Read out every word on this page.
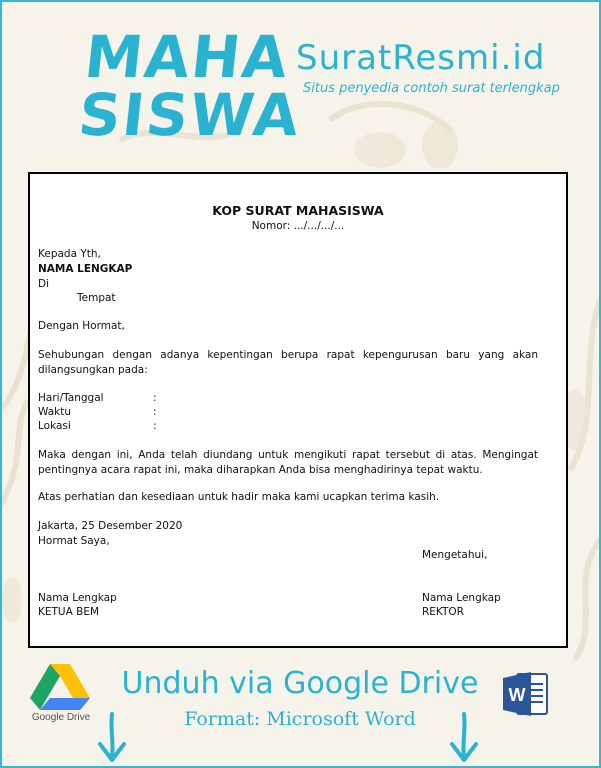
MAHA
SISWA
SuratResmi.id
Situs penyedia contoh surat terlengkap
KOP SURAT MAHASISWA
Nomor: .../.../.../...
Kepada Yth,
NAMA LENGKAP
Di
Tempat
Dengan Hormat,
Sehubungan dengan adanya kepentingan berupa rapat kepengurusan baru yang akan dilangsungkan pada:
Hari/Tanggal	:
Waktu	:
Lokasi	:
Maka dengan ini, Anda telah diundang untuk mengikuti rapat tersebut di atas. Mengingat pentingnya acara rapat ini, maka diharapkan Anda bisa menghadirinya tepat waktu.
Atas perhatian dan kesediaan untuk hadir maka kami ucapkan terima kasih.
Jakarta, 25 Desember 2020
Hormat Saya,
Mengetahui,
Nama Lengkap
KETUA BEM
Nama Lengkap
REKTOR
Google Drive
Unduh via Google Drive
Format: Microsoft Word
W
